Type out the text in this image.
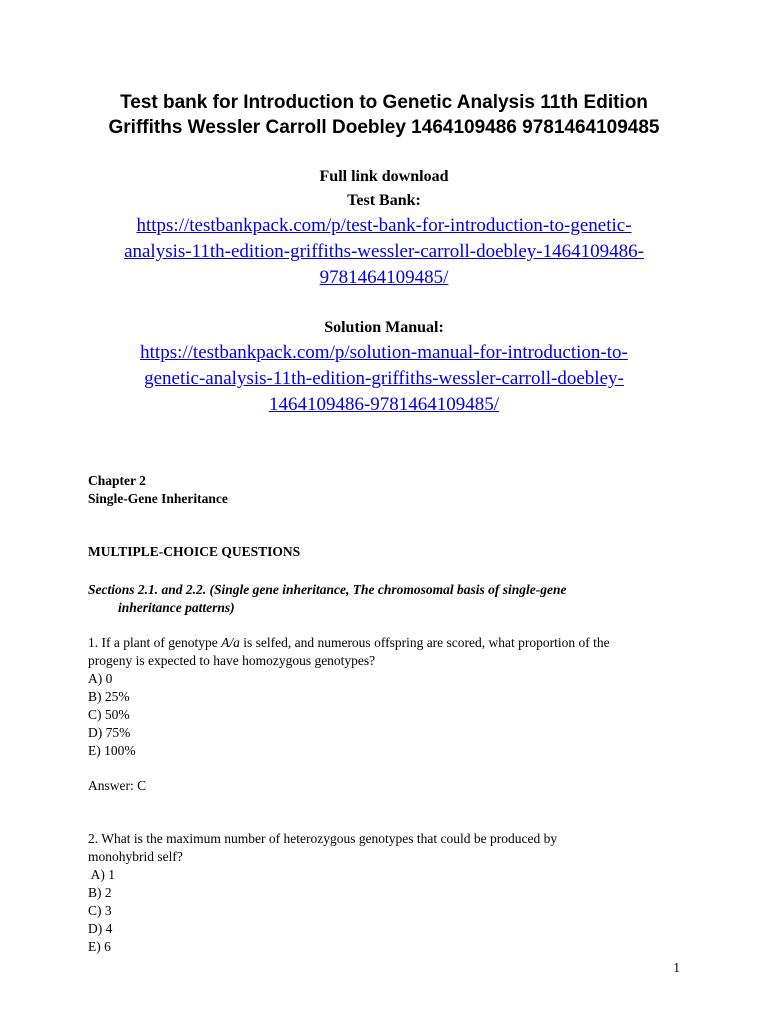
Test bank for Introduction to Genetic Analysis 11th Edition
Griffiths Wessler Carroll Doebley 1464109486 9781464109485
Full link download
Test Bank:
https://testbankpack.com/p/test-bank-for-introduction-to-genetic-
analysis-11th-edition-griffiths-wessler-carroll-doebley-1464109486-
9781464109485/
Solution Manual:
https://testbankpack.com/p/solution-manual-for-introduction-to-
genetic-analysis-11th-edition-griffiths-wessler-carroll-doebley-
1464109486-9781464109485/
Chapter 2
Single-Gene Inheritance
MULTIPLE-CHOICE QUESTIONS
Sections 2.1. and 2.2. (Single gene inheritance, The chromosomal basis of single-gene
inheritance patterns)
1. If a plant of genotype A/a is selfed, and numerous offspring are scored, what proportion of the
progeny is expected to have homozygous genotypes?
A) 0
B) 25%
C) 50%
D) 75%
E) 100%
Answer: C
2. What is the maximum number of heterozygous genotypes that could be produced by
monohybrid self?
A) 1
B) 2
C) 3
D) 4
E) 6
1
